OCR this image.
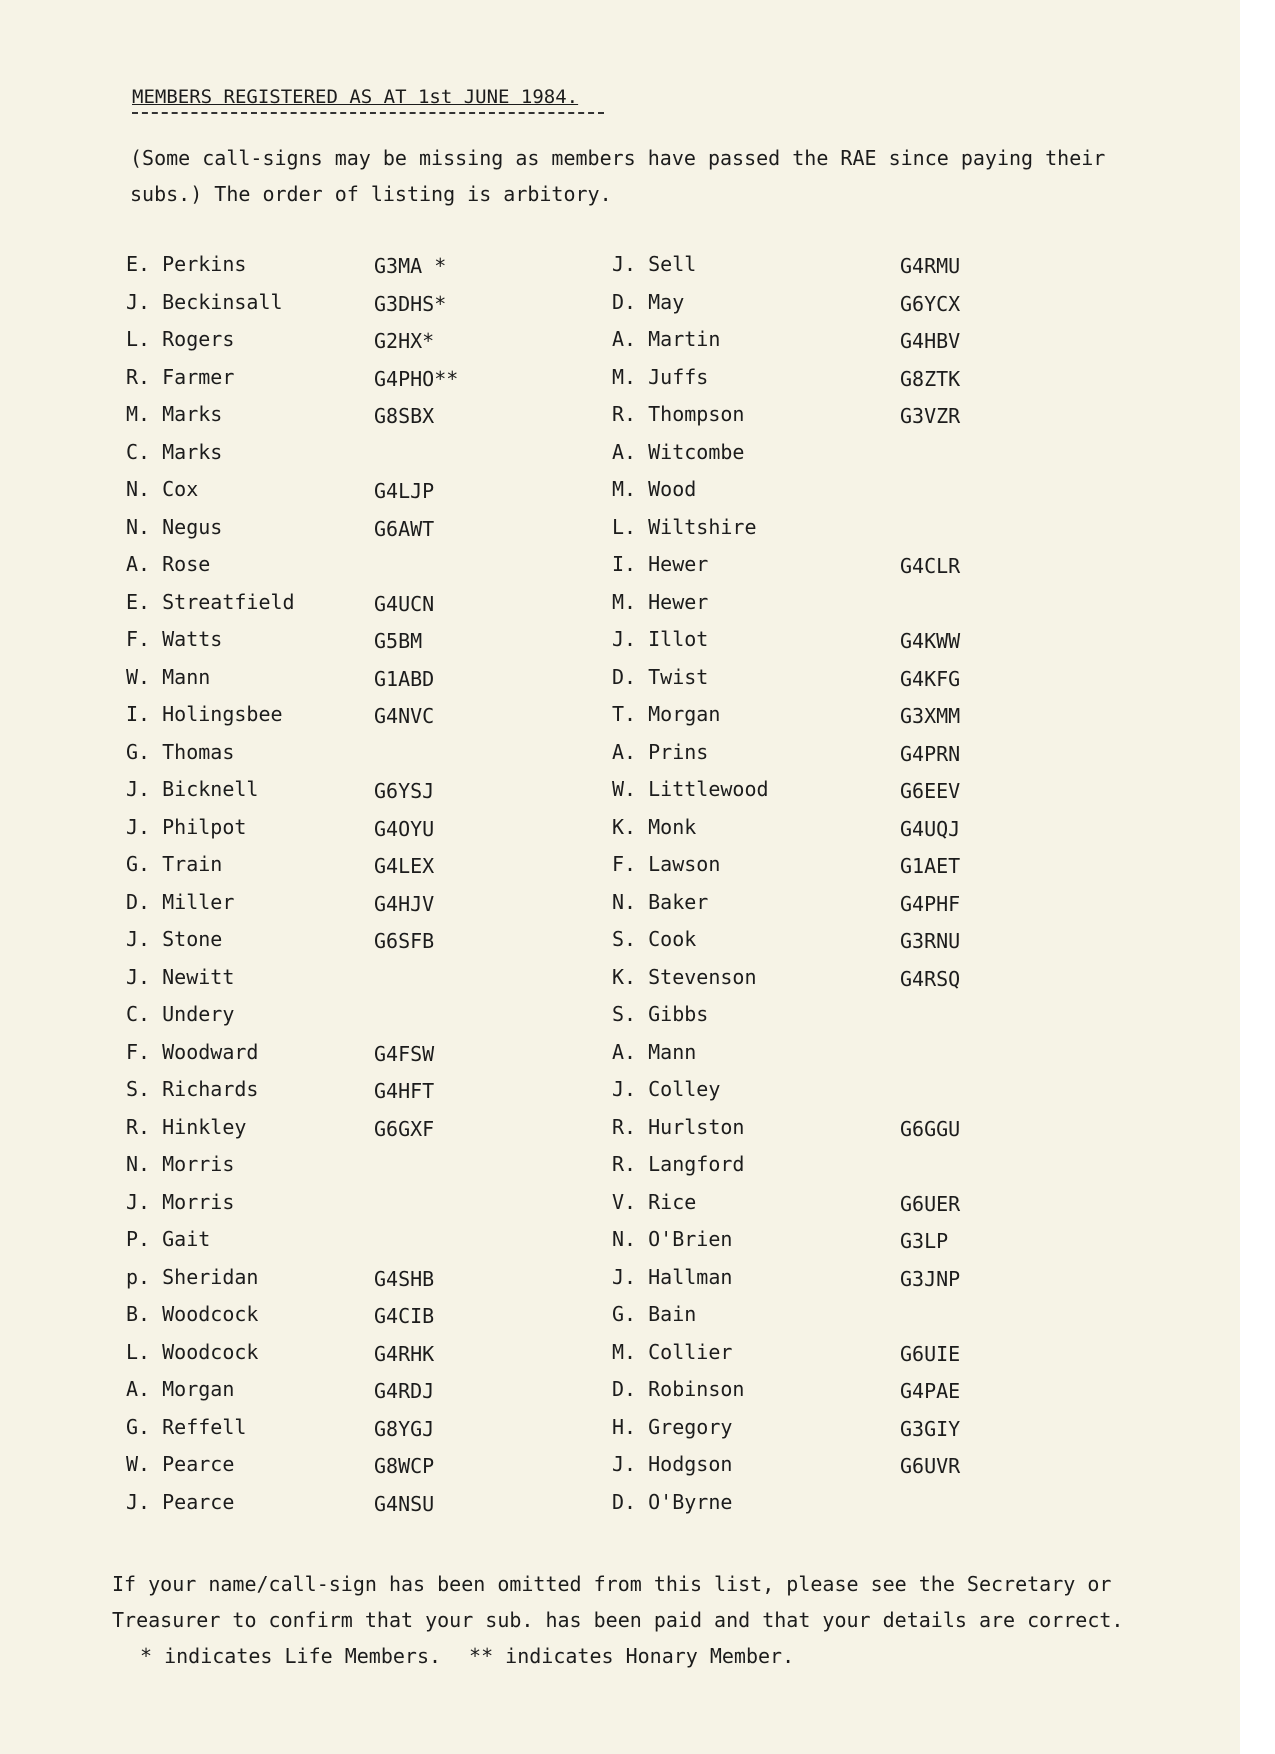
MEMBERS REGISTERED AS AT 1st JUNE 1984.
(Some call-signs may be missing as members have passed the RAE since paying their subs.) The order of listing is arbitory.
E. Perkins	G3MA *
J. Beckinsall	G3DHS*
L. Rogers	G2HX*
R. Farmer	G4PHO**
M. Marks	G8SBX
C. Marks
N. Cox	G4LJP
N. Negus	G6AWT
A. Rose
E. Streatfield	G4UCN
F. Watts	G5BM
W. Mann	G1ABD
I. Holingsbee	G4NVC
G. Thomas
J. Bicknell	G6YSJ
J. Philpot	G4OYU
G. Train	G4LEX
D. Miller	G4HJV
J. Stone	G6SFB
J. Newitt
C. Undery
F. Woodward	G4FSW
S. Richards	G4HFT
R. Hinkley	G6GXF
N. Morris
J. Morris
P. Gait
p. Sheridan	G4SHB
B. Woodcock	G4CIB
L. Woodcock	G4RHK
A. Morgan	G4RDJ
G. Reffell	G8YGJ
W. Pearce	G8WCP
J. Pearce	G4NSU
J. Sell	G4RMU
D. May	G6YCX
A. Martin	G4HBV
M. Juffs	G8ZTK
R. Thompson	G3VZR
A. Witcombe
M. Wood
L. Wiltshire
I. Hewer	G4CLR
M. Hewer
J. Illot	G4KWW
D. Twist	G4KFG
T. Morgan	G3XMM
A. Prins	G4PRN
W. Littlewood	G6EEV
K. Monk	G4UQJ
F. Lawson	G1AET
N. Baker	G4PHF
S. Cook	G3RNU
K. Stevenson	G4RSQ
S. Gibbs
A. Mann
J. Colley
R. Hurlston	G6GGU
R. Langford
V. Rice	G6UER
N. O'Brien	G3LP
J. Hallman	G3JNP
G. Bain
M. Collier	G6UIE
D. Robinson	G4PAE
H. Gregory	G3GIY
J. Hodgson	G6UVR
D. O'Byrne
If your name/call-sign has been omitted from this list, please see the Secretary or Treasurer to confirm that your sub. has been paid and that your details are correct.* indicates Life Members. ** indicates Honary Member.
